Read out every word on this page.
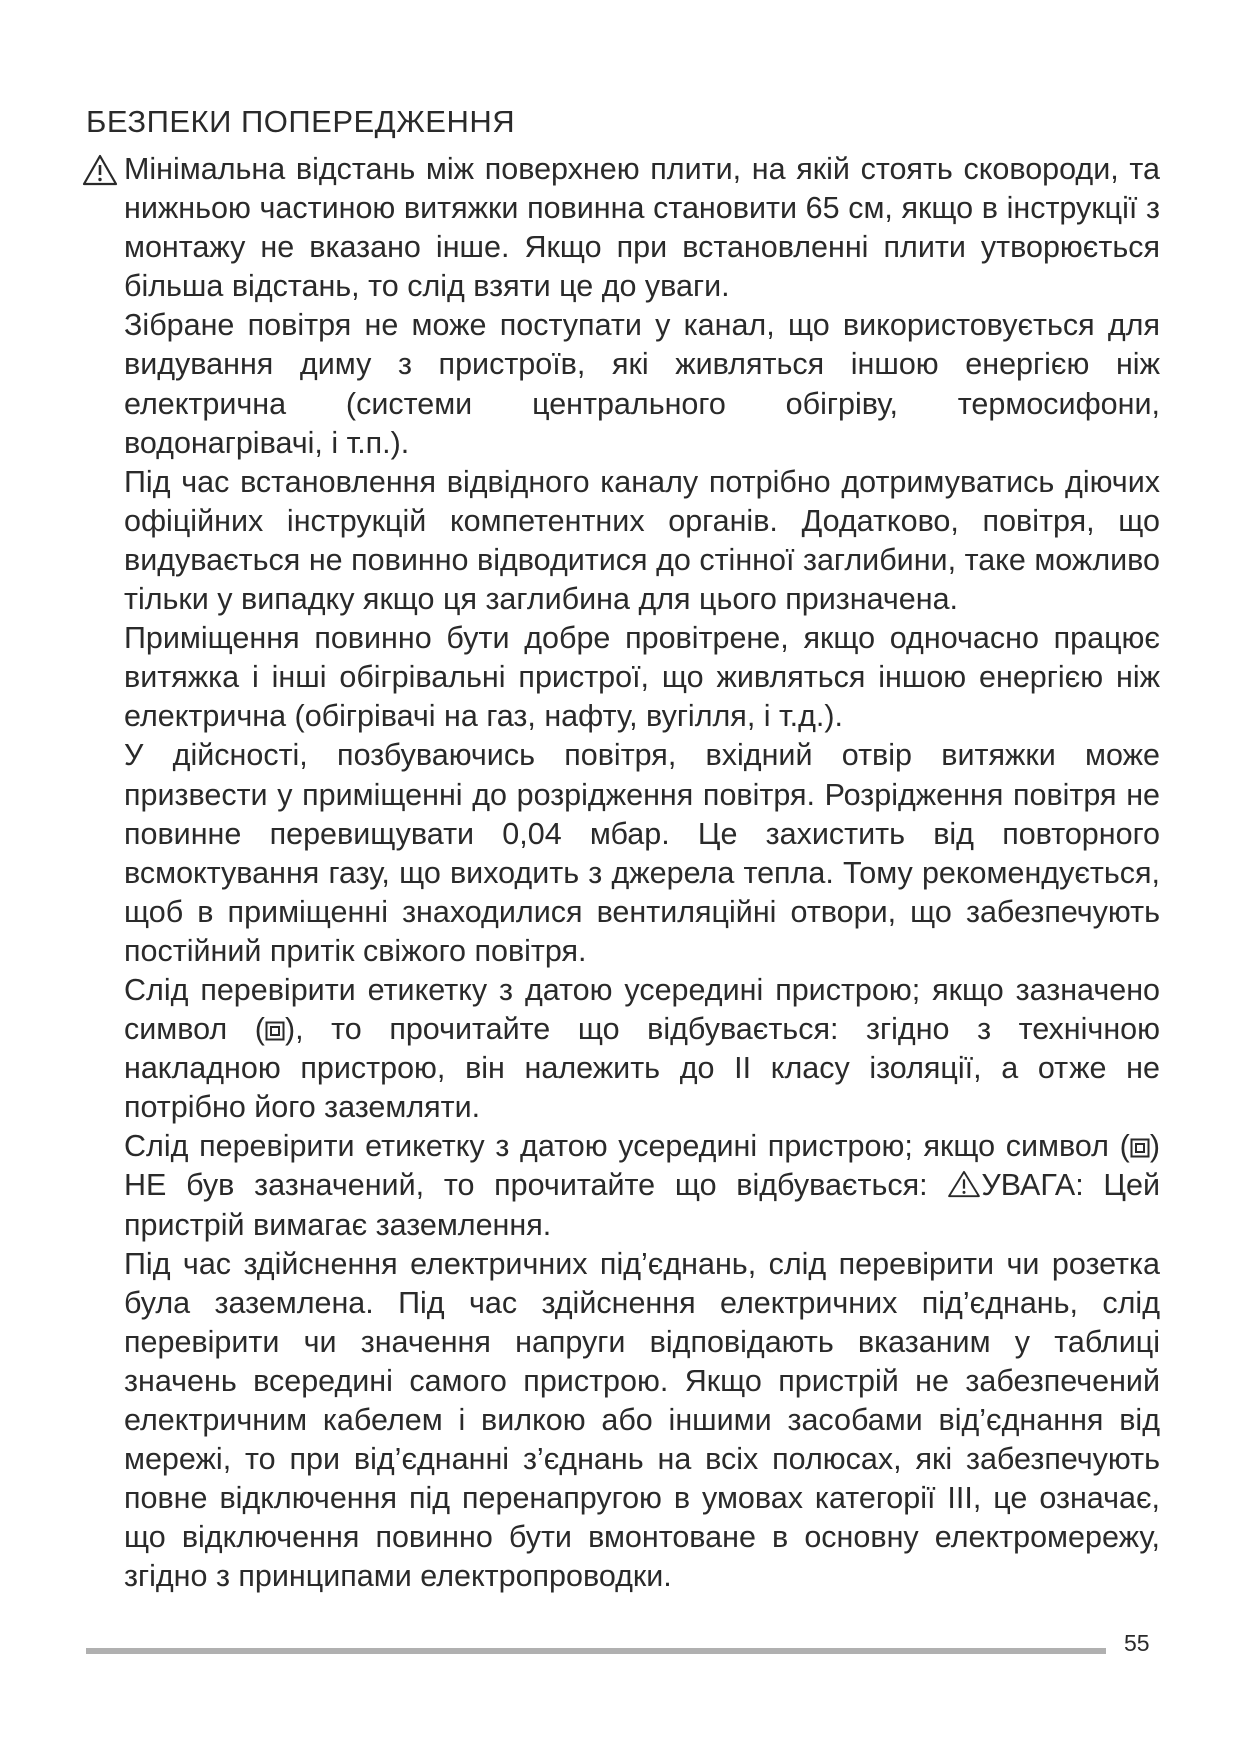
БЕЗПЕКИ ПОПЕРЕДЖЕННЯ

Мінімальна відстань між поверхнею плити, на якій стоять сковороди, та нижньою частиною витяжки повинна становити 65 см, якщо в інструкції з монтажу не вказано інше. Якщо при встановленні плити утворюється більша відстань, то слід взяти це до уваги.

Зібране повітря не може поступати у канал, що використовується для видування диму з пристроїв, які живляться іншою енергією ніж електрична (системи центрального обігріву, термосифони, водонагрівачі, і т.п.).

Під час встановлення відвідного каналу потрібно дотримуватись діючих офіційних інструкцій компетентних органів. Додатково, повітря, що видувається не повинно відводитися до стінної заглибини, таке можливо тільки у випадку якщо ця заглибина для цього призначена.

Приміщення повинно бути добре провітрене, якщо одночасно працює витяжка і інші обігрівальні пристрої, що живляться іншою енергією ніж електрична (обігрівачі на газ, нафту, вугілля, і т.д.).

У дійсності, позбуваючись повітря, вхідний отвір витяжки може призвести у приміщенні до розрідження повітря. Розрідження повітря не повинне перевищувати 0,04 мбар. Це захистить від повторного всмоктування газу, що виходить з джерела тепла. Тому рекомендується, щоб в приміщенні знаходилися вентиляційні отвори, що забезпечують постійний притік свіжого повітря.

Слід перевірити етикетку з датою усередині пристрою; якщо зазначено символ ( ), то прочитайте що відбувається: згідно з технічною накладною пристрою, він належить до II класу ізоляції, а отже не потрібно його заземляти.

Слід перевірити етикетку з датою усередині пристрою; якщо символ ( ) НЕ був зазначений, то прочитайте що відбувається: УВАГА: Цей пристрій вимагає заземлення.

Під час здійснення електричних під’єднань, слід перевірити чи розетка була заземлена. Під час здійснення електричних під’єднань, слід перевірити чи значення напруги відповідають вказаним у таблиці значень всередині самого пристрою. Якщо пристрій не забезпечений електричним кабелем і вилкою або іншими засобами від’єднання від мережі, то при від’єднанні з’єднань на всіх полюсах, які забезпечують повне відключення під перенапругою в умовах категорії III, це означає, що відключення повинно бути вмонтоване в основну електромережу, згідно з принципами електропроводки.

55
